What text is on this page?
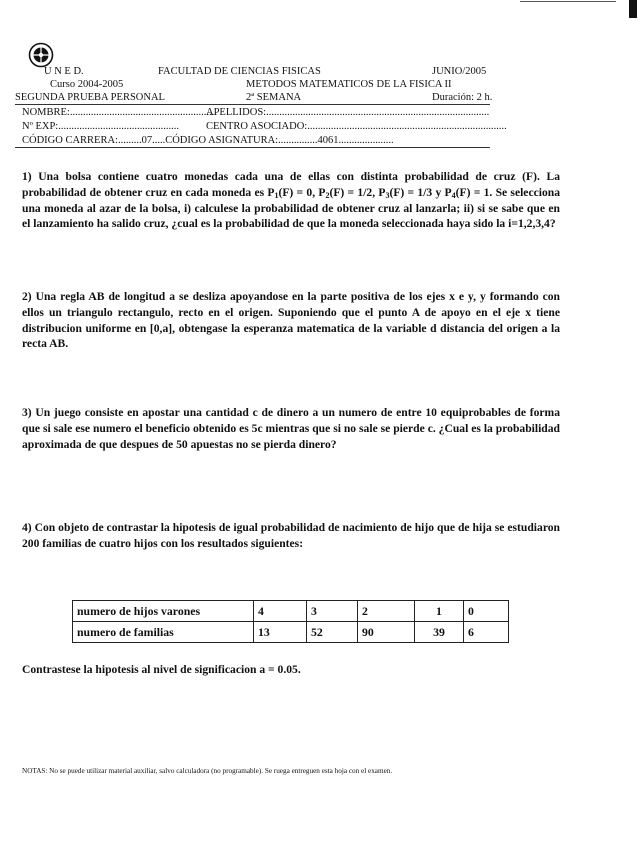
U N E D.
Curso 2004-2005
SEGUNDA PRUEBA PERSONAL
FACULTAD DE CIENCIAS FISICAS
METODOS MATEMATICOS DE LA FISICA II
2ª SEMANA
JUNIO/2005
Duración: 2 h.
NOMBRE:........................................................
APELLIDOS:.....................................................................................
Nº EXP:..............................................	CENTRO ASOCIADO:............................................................................
CÓDIGO CARRERA:.........07.....CÓDIGO ASIGNATURA:...............4061.....................

1) Una bolsa contiene cuatro monedas cada una de ellas con distinta probabilidad de cruz (F). La probabilidad de obtener cruz en cada moneda es $P_1(F) = 0$, $P_2(F) = 1/2$, $P_3(F) = 1/3$ y $P_4(F) = 1$. Se selecciona una moneda al azar de la bolsa, i) calculese la probabilidad de obtener cruz al lanzarla; ii) si se sabe que en el lanzamiento ha salido cruz, ¿cual es la probabilidad de que la moneda seleccionada haya sido la i=1,2,3,4?

2) Una regla AB de longitud a se desliza apoyandose en la parte positiva de los ejes x e y, y formando con ellos un triangulo rectangulo, recto en el origen. Suponiendo que el punto A de apoyo en el eje x tiene distribucion uniforme en [0,a], obtengase la esperanza matematica de la variable d distancia del origen a la recta AB.

3) Un juego consiste en apostar una cantidad c de dinero a un numero de entre 10 equiprobables de forma que si sale ese numero el beneficio obtenido es 5c mientras que si no sale se pierde c. ¿Cual es la probabilidad aproximada de que despues de 50 apuestas no se pierda dinero?

4) Con objeto de contrastar la hipotesis de igual probabilidad de nacimiento de hijo que de hija se estudiaron 200 familias de cuatro hijos con los resultados siguientes:

numero de hijos varones	4	3	2	1	0
numero de familias	13	52	90	39	6

Contrastese la hipotesis al nivel de significacion a = 0.05.

NOTAS: No se puede utilizar material auxiliar, salvo calculadora (no programable). Se ruega entreguen esta hoja con el examen.
